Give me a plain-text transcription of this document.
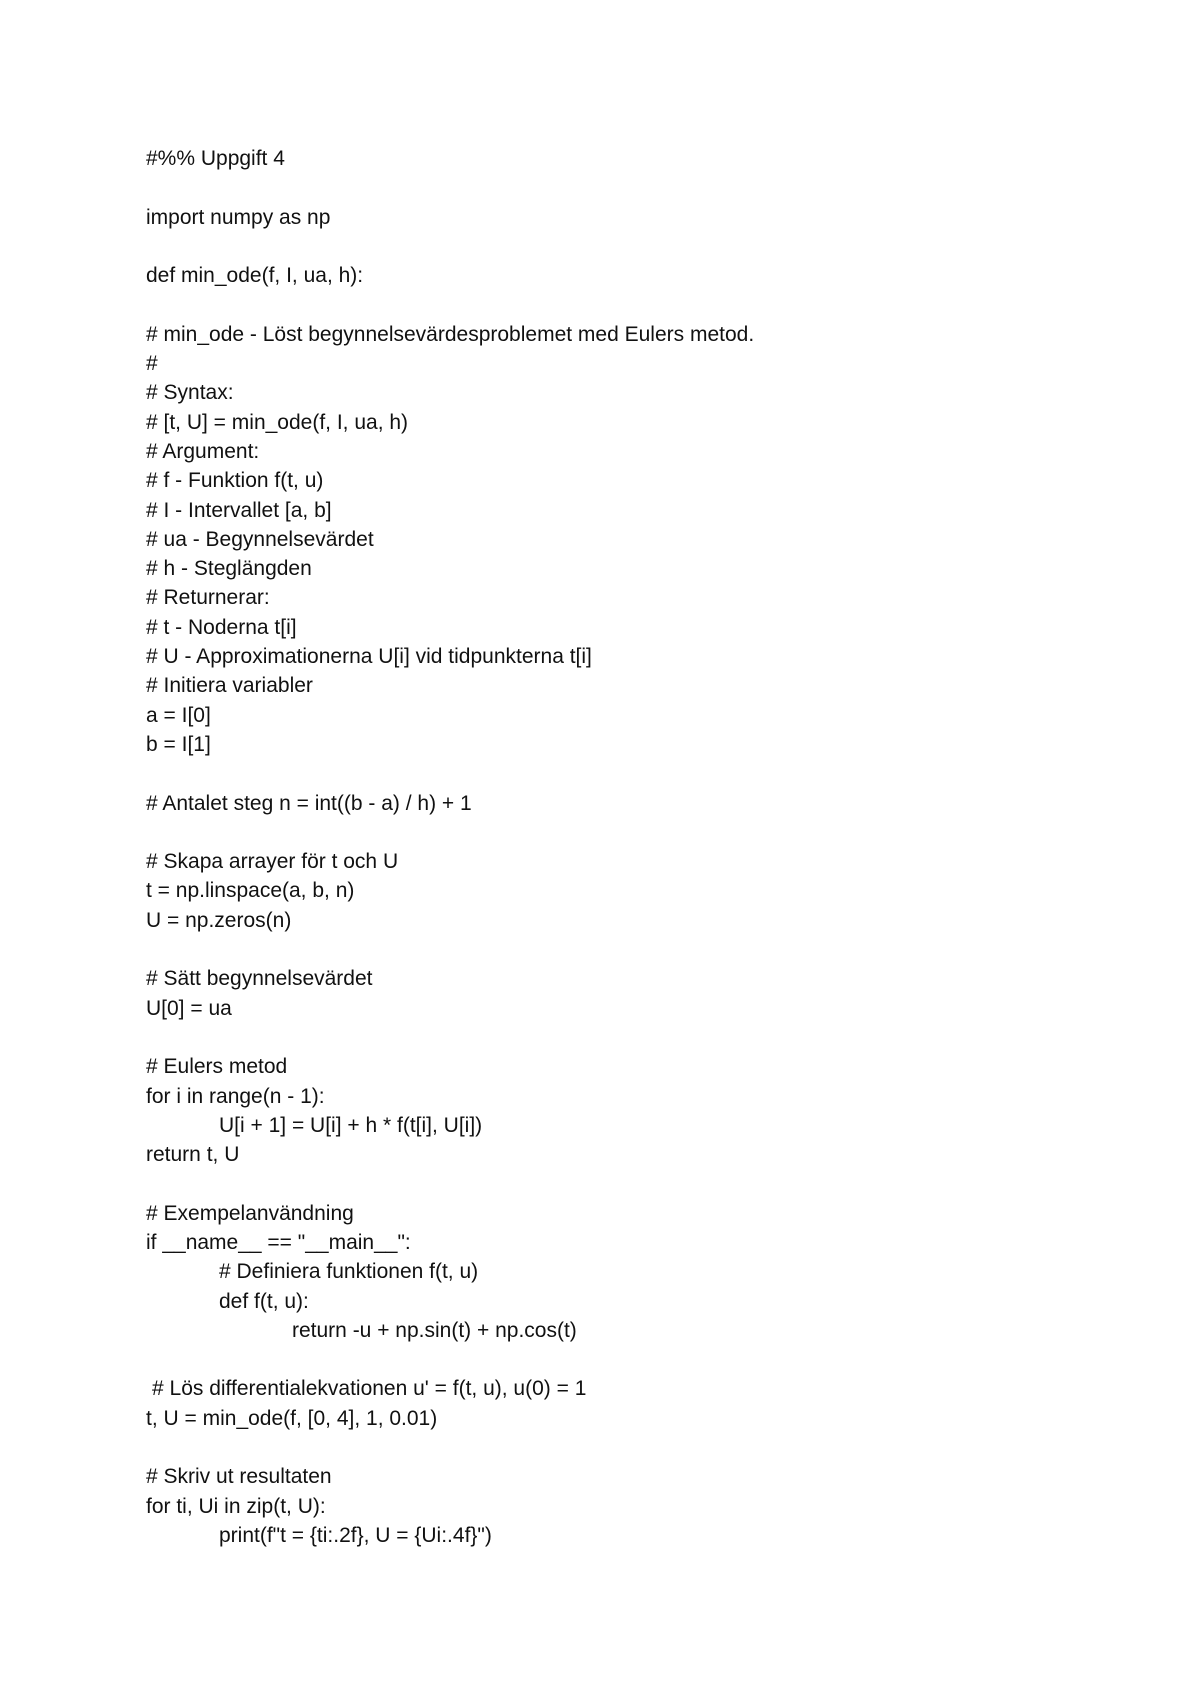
#%% Uppgift 4
import numpy as np
def min_ode(f, I, ua, h):
# min_ode - Löst begynnelsevärdesproblemet med Eulers metod.
#
# Syntax:
# [t, U] = min_ode(f, I, ua, h)
# Argument:
# f - Funktion f(t, u)
# I - Intervallet [a, b]
# ua - Begynnelsevärdet
# h - Steglängden
# Returnerar:
# t - Noderna t[i]
# U - Approximationerna U[i] vid tidpunkterna t[i]
# Initiera variabler
a = I[0]
b = I[1]
# Antalet steg n = int((b - a) / h) + 1
# Skapa arrayer för t och U
t = np.linspace(a, b, n)
U = np.zeros(n)
# Sätt begynnelsevärdet
U[0] = ua
# Eulers metod
for i in range(n - 1):
U[i + 1] = U[i] + h * f(t[i], U[i])
return t, U
# Exempelanvändning
if __name__ == "__main__":
# Definiera funktionen f(t, u)
def f(t, u):
return -u + np.sin(t) + np.cos(t)
# Lös differentialekvationen u' = f(t, u), u(0) = 1
t, U = min_ode(f, [0, 4], 1, 0.01)
# Skriv ut resultaten
for ti, Ui in zip(t, U):
print(f"t = {ti:.2f}, U = {Ui:.4f}")
